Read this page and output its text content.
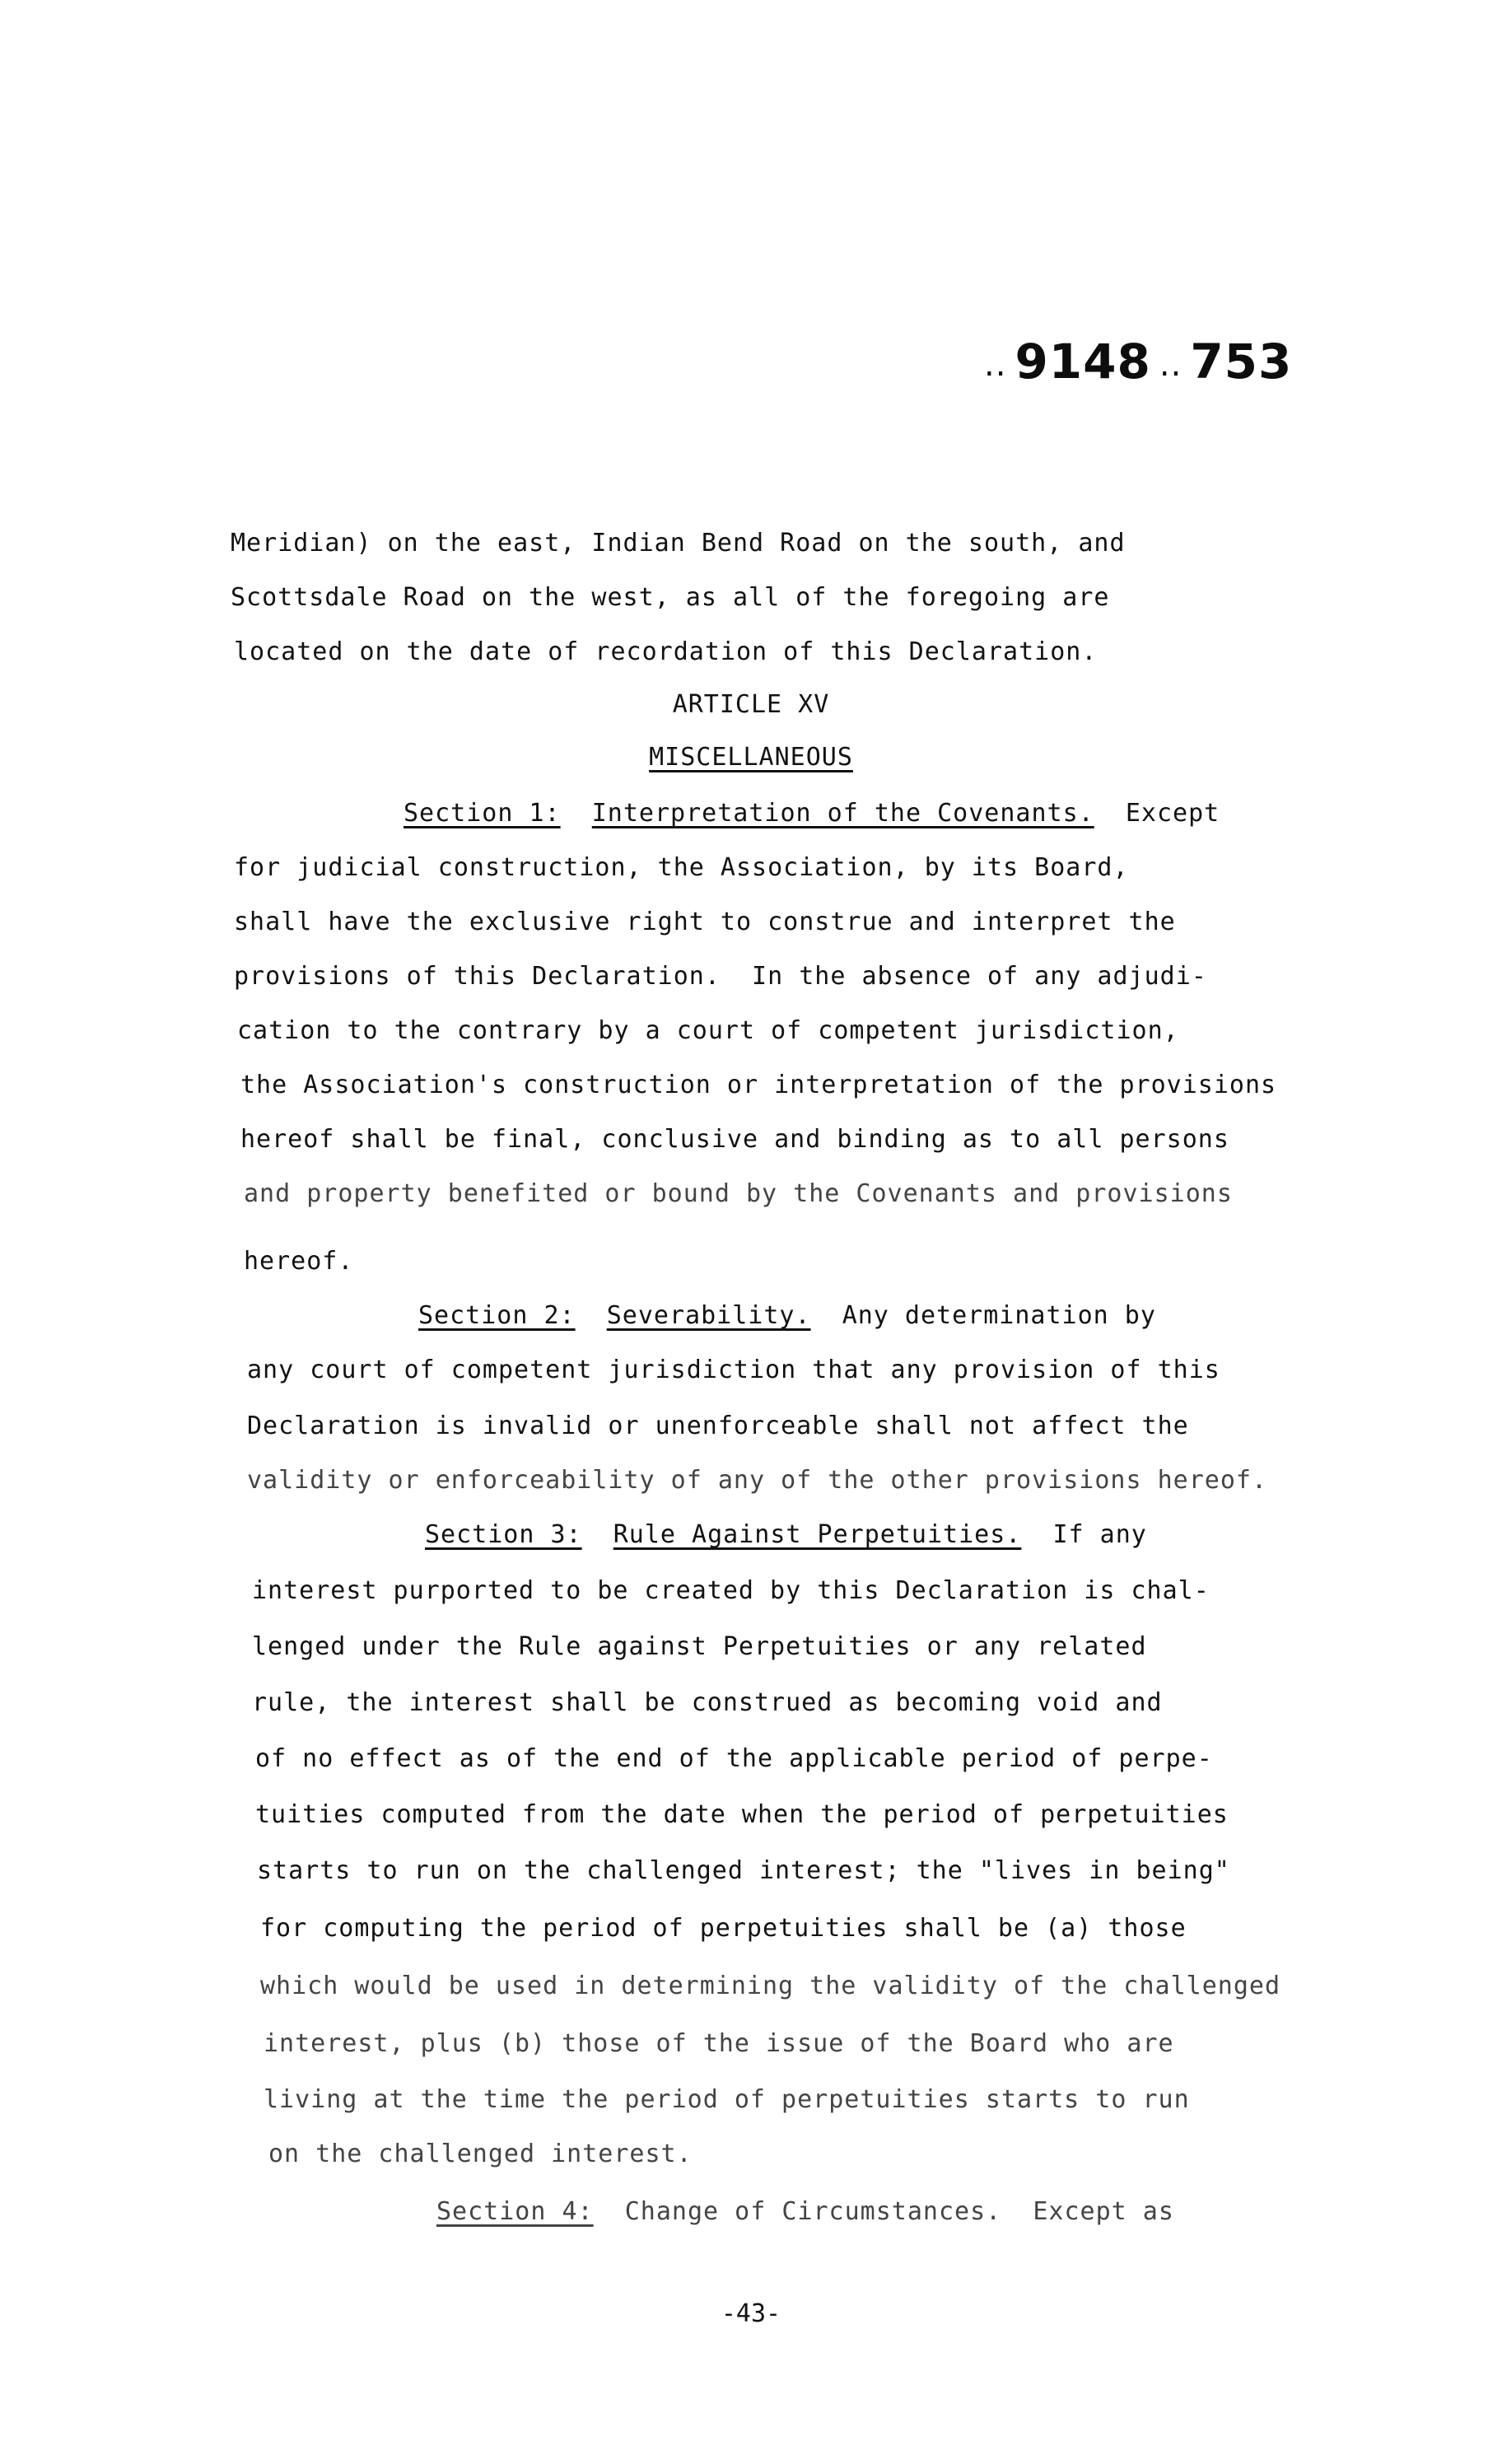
.. 9148 .. 753
Meridian) on the east, Indian Bend Road on the south, and
Scottsdale Road on the west, as all of the foregoing are
located on the date of recordation of this Declaration.
ARTICLE XV
MISCELLANEOUS
Section 1: Interpretation of the Covenants. Except
for judicial construction, the Association, by its Board,
shall have the exclusive right to construe and interpret the
provisions of this Declaration.  In the absence of any adjudi-
cation to the contrary by a court of competent jurisdiction,
the Association's construction or interpretation of the provisions
hereof shall be final, conclusive and binding as to all persons
and property benefited or bound by the Covenants and provisions
hereof.
Section 2: Severability. Any determination by
any court of competent jurisdiction that any provision of this
Declaration is invalid or unenforceable shall not affect the
validity or enforceability of any of the other provisions hereof.
Section 3: Rule Against Perpetuities. If any
interest purported to be created by this Declaration is chal-
lenged under the Rule against Perpetuities or any related
rule, the interest shall be construed as becoming void and
of no effect as of the end of the applicable period of perpe-
tuities computed from the date when the period of perpetuities
starts to run on the challenged interest; the "lives in being"
for computing the period of perpetuities shall be (a) those
which would be used in determining the validity of the challenged
interest, plus (b) those of the issue of the Board who are
living at the time the period of perpetuities starts to run
on the challenged interest.
Section 4: Change of Circumstances. Except as
-43-
